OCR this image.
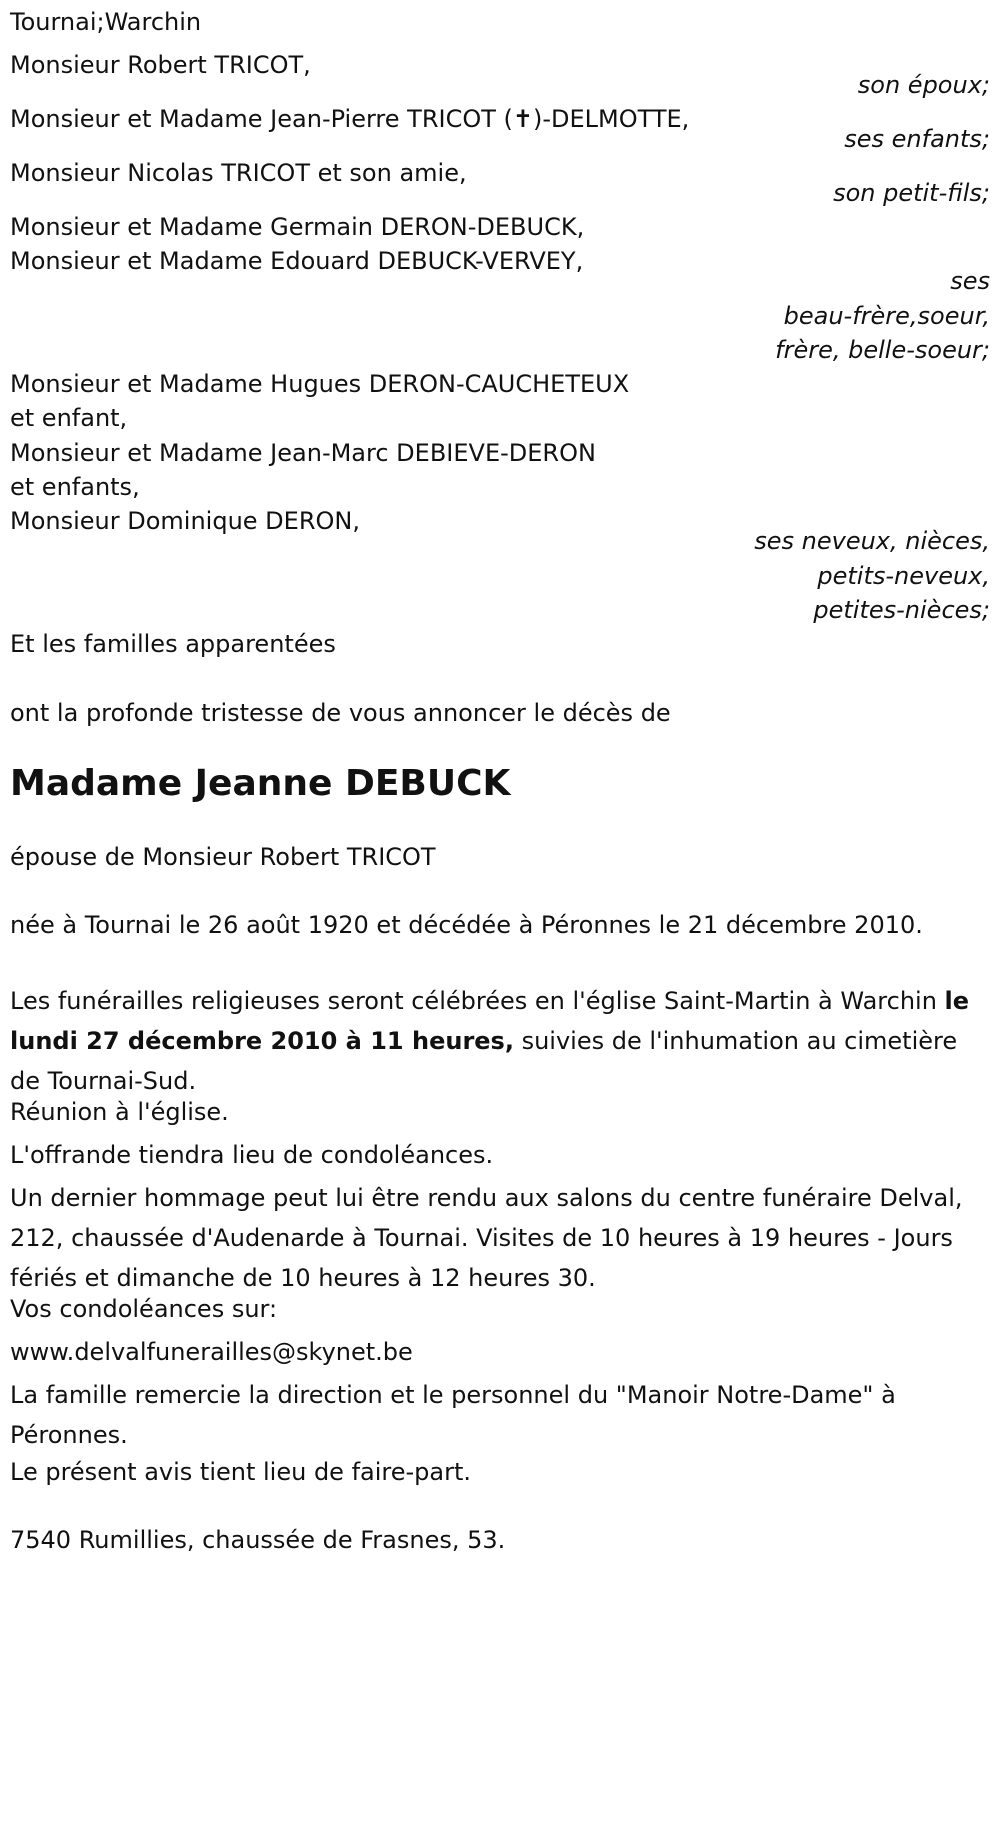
Tournai;Warchin
Monsieur Robert TRICOT,
son époux;
Monsieur et Madame Jean-Pierre TRICOT (✝)-DELMOTTE,
ses enfants;
Monsieur Nicolas TRICOT et son amie,
son petit-fils;
Monsieur et Madame Germain DERON-DEBUCK,
Monsieur et Madame Edouard DEBUCK-VERVEY,
ses
beau-frère,soeur,
frère, belle-soeur;
Monsieur et Madame Hugues DERON-CAUCHETEUX
et enfant,
Monsieur et Madame Jean-Marc DEBIEVE-DERON
et enfants,
Monsieur Dominique DERON,
ses neveux, nièces,
petits-neveux,
petites-nièces;
Et les familles apparentées
ont la profonde tristesse de vous annoncer le décès de
Madame Jeanne DEBUCK
épouse de Monsieur Robert TRICOT
née à Tournai le 26 août 1920 et décédée à Péronnes le 21 décembre 2010.
Les funérailles religieuses seront célébrées en l'église Saint-Martin à Warchin le lundi 27 décembre 2010 à 11 heures, suivies de l'inhumation au cimetière de Tournai-Sud.
Réunion à l'église.
L'offrande tiendra lieu de condoléances.
Un dernier hommage peut lui être rendu aux salons du centre funéraire Delval, 212, chaussée d'Audenarde à Tournai. Visites de 10 heures à 19 heures - Jours fériés et dimanche de 10 heures à 12 heures 30.
Vos condoléances sur:
www.delvalfunerailles@skynet.be
La famille remercie la direction et le personnel du "Manoir Notre-Dame" à Péronnes.
Le présent avis tient lieu de faire-part.
7540 Rumillies, chaussée de Frasnes, 53.
